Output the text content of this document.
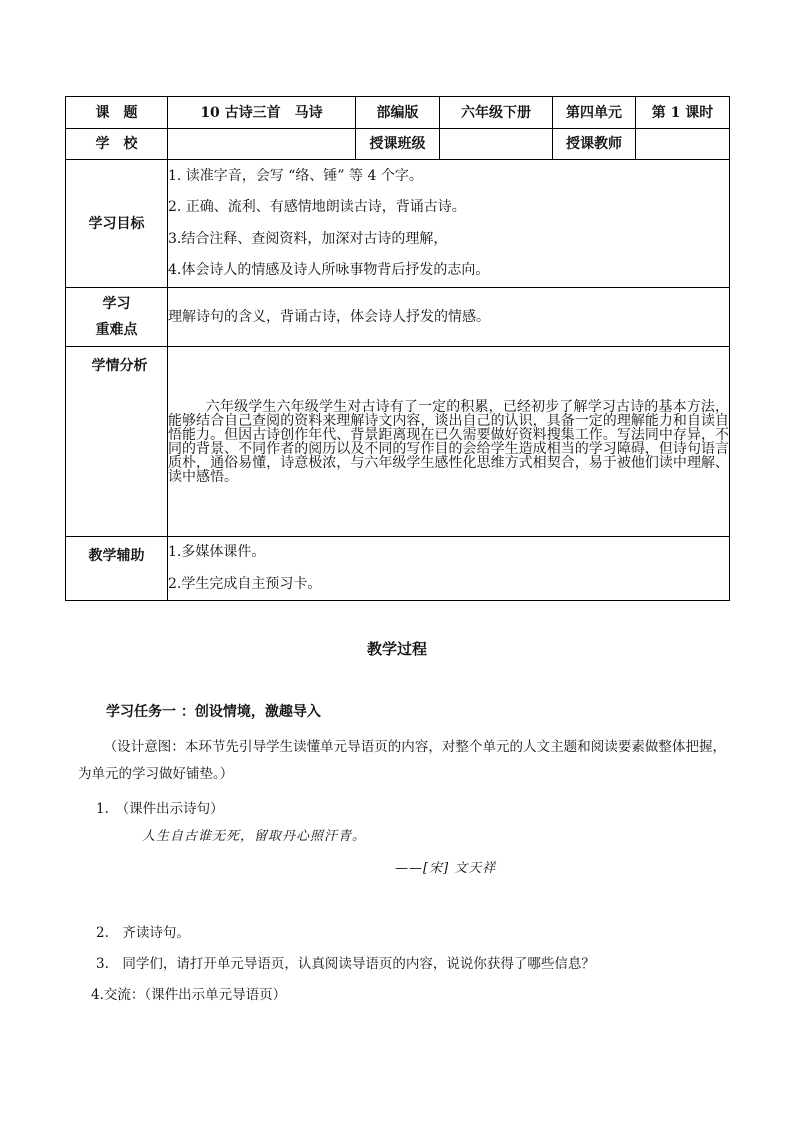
课　题	10 古诗三首　马诗	部编版	六年级下册	第四单元	第 1 课时
学　校		授课班级		授课教师	
学习目标	1. 读准字音，会写 “络、锤” 等 4 个字。
2. 正确、流利、有感情地朗读古诗，背诵古诗。
3.结合注释、查阅资料，加深对古诗的理解，
4.体会诗人的情感及诗人所咏事物背后抒发的志向。				

学习
重难点	理解诗句的含义，背诵古诗，体会诗人抒发的情感。				
学情分析	六年级学生六年级学生对古诗有了一定的积累，已经初步了解学习古诗的基本方法，能够结合自己查阅的资料来理解诗文内容，谈出自己的认识，具备一定的理解能力和自读自悟能力。但因古诗创作年代、背景距离现在已久需要做好资料搜集工作。写法同中存异，不同的背景、不同作者的阅历以及不同的写作目的会给学生造成相当的学习障碍，但诗句语言质朴，通俗易懂，诗意极浓，与六年级学生感性化思维方式相契合，易于被他们读中理解、读中感悟。				

教学辅助	1.多媒体课件。
2.学生完成自主预习卡。				
教学过程
学习任务一 ：创设情境，激趣导入

（设计意图：本环节先引导学生读懂单元导语页的内容，对整个单元的人文主题和阅读要素做整体把握，为单元的学习做好铺垫。）

1.　（课件出示诗句）
人生自古谁无死，留取丹心照汗青。
——[宋] 文天祥
2.　齐读诗句。
3.　同学们，请打开单元导语页，认真阅读导语页的内容，说说你获得了哪些信息？
4.交流：（课件出示单元导语页）
